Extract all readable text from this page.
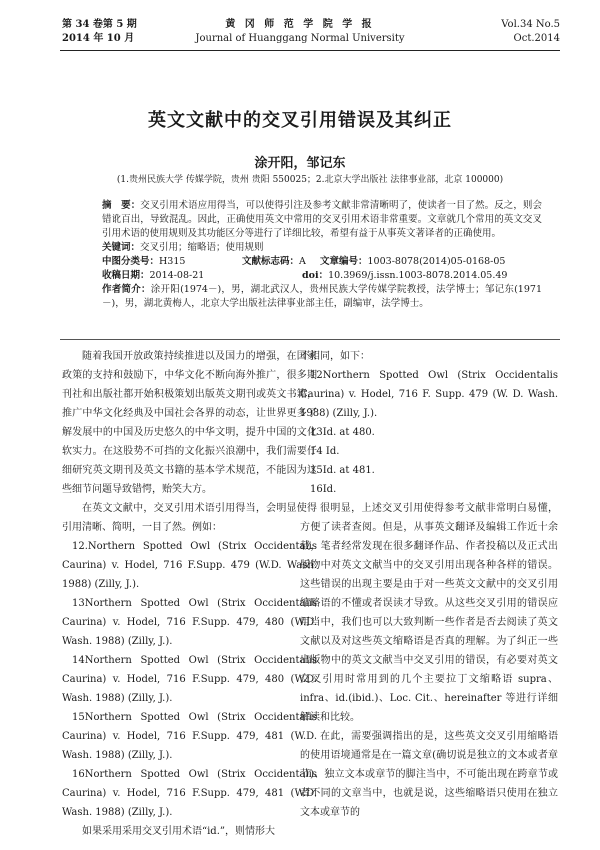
第 34 卷第 5 期
2014 年 10 月
黄 冈 师 范 学 院 学 报
Journal of Huanggang Normal University
Vol.34 No.5
Oct.2014
英文文献中的交叉引用错误及其纠正
涂开阳，邹记东
(1.贵州民族大学 传媒学院，贵州 贵阳 550025；2.北京大学出版社 法律事业部，北京 100000)

摘　要：交叉引用术语应用得当，可以使得引注及参考文献非常清晰明了，使读者一目了然。反之，则会错讹百出，导致混乱。因此，正确使用英文中常用的交叉引用术语非常重要。文章就几个常用的英文交叉引用术语的使用规则及其功能区分等进行了详细比较，希望有益于从事英文著译者的正确使用。

关键词：交叉引用；缩略语；使用规则

中图分类号：H315	文献标志码：A	文章编号：1003-8078(2014)05-0168-05
收稿日期：2014-08-21	doi：10.3969/j.issn.1003-8078.2014.05.49

作者简介：涂开阳(1974－)，男，湖北武汉人，贵州民族大学传媒学院教授，法学博士；邹记东(1971－)，男，湖北黄梅人，北京大学出版社法律事业部主任，副编审，法学博士。

随着我国开放政策持续推进以及国力的增强，在国家政策的支持和鼓励下，中华文化不断向海外推广，很多期刊社和出版社都开始积极策划出版英文期刊或英文书籍，推广中华文化经典及中国社会各界的动态，让世界更多了解发展中的中国及历史悠久的中华文明，提升中国的文化软实力。在这股势不可挡的文化振兴浪潮中，我们需要仔细研究英文期刊及英文书籍的基本学术规范，不能因为这些细节问题导致错愕，贻笑大方。

在英文文献中，交叉引用术语引用得当，会明显使得引用清晰、简明，一目了然。例如：

12.Northern Spotted Owl (Strix Occidentalis Caurina) v. Hodel, 716 F.Supp. 479 (W.D. Wash. 1988) (Zilly, J.).

13Northern Spotted Owl (Strix Occidentalis Caurina) v. Hodel, 716 F.Supp. 479, 480 (W.D. Wash. 1988) (Zilly, J.).

14Northern Spotted Owl (Strix Occidentalis Caurina) v. Hodel, 716 F.Supp. 479, 480 (W.D. Wash. 1988) (Zilly, J.).

15Northern Spotted Owl (Strix Occidentalis Caurina) v. Hodel, 716 F.Supp. 479, 481 (W.D. Wash. 1988) (Zilly, J.).

16Northern Spotted Owl (Strix Occidentalis Caurina) v. Hodel, 716 F.Supp. 479, 481 (W.D. Wash. 1988) (Zilly, J.).

如果采用采用交叉引用术语“id.”，则情形大

不相同，如下：

12Northern Spotted Owl (Strix Occidentalis Caurina) v. Hodel, 716 F. Supp. 479 (W. D. Wash. 1988) (Zilly, J.).

13Id. at 480.

14 Id.

15Id. at 481.

16Id.

很明显，上述交叉引用使得参考文献非常明白易懂，方便了读者查阅。但是，从事英文翻译及编辑工作近十余载，笔者经常发现在很多翻译作品、作者投稿以及正式出版物中对英文文献当中的交叉引用出现各种各样的错误。这些错误的出现主要是由于对一些英文文献中的交叉引用缩略语的不懂或者误读才导致。从这些交叉引用的错误应用当中，我们也可以大致判断一些作者是否去阅读了英文文献以及对这些英文缩略语是否真的理解。为了纠正一些出版物中的英文文献当中交叉引用的错误，有必要对英文交叉引用时常用到的几个主要拉丁文缩略语 supra、infra、id.(ibid.)、Loc. Cit.、hereinafter 等进行详细解读和比较。

在此，需要强调指出的是，这些英文交叉引用缩略语的使用语境通常是在一篇文章(确切说是独立的文本或者章节)、独立文本或章节的脚注当中，不可能出现在跨章节或者不同的文章当中，也就是说，这些缩略语只使用在独立文本或章节的
